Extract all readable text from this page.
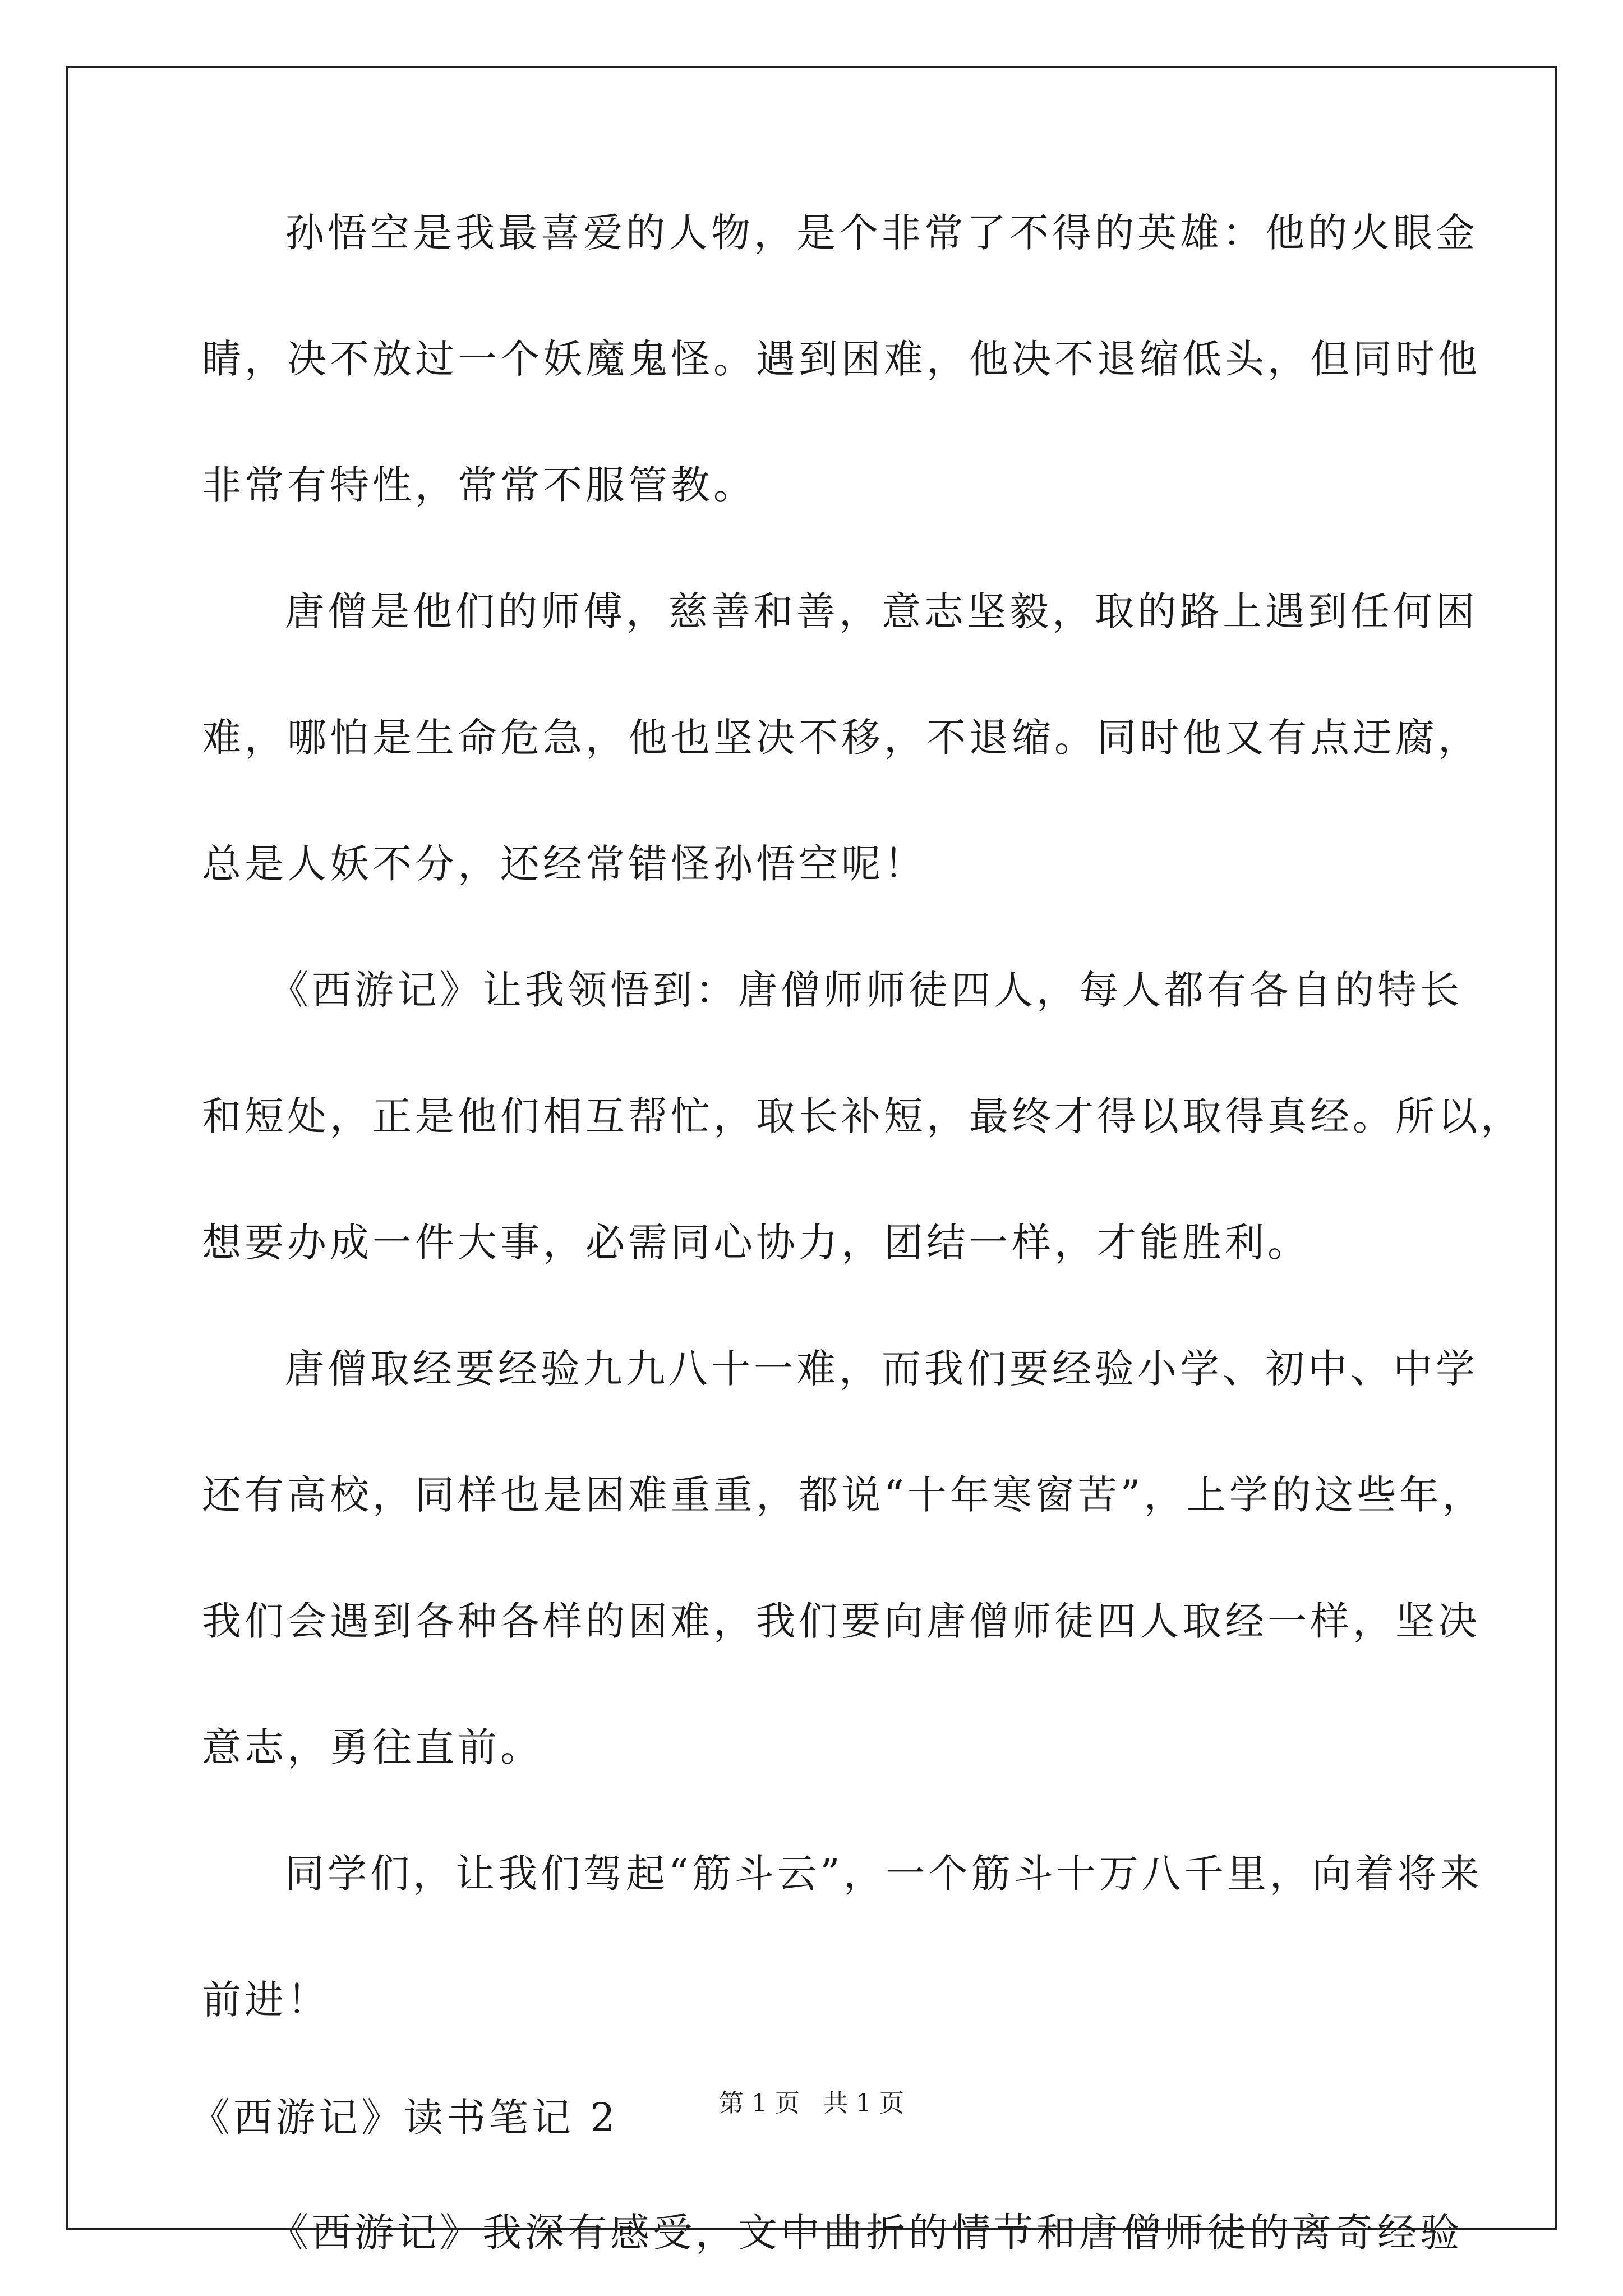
孙悟空是我最喜爱的人物，是个非常了不得的英雄：他的火眼金

睛，决不放过一个妖魔鬼怪。遇到困难，他决不退缩低头，但同时他

非常有特性，常常不服管教。

唐僧是他们的师傅，慈善和善，意志坚毅，取的路上遇到任何困

难，哪怕是生命危急，他也坚决不移，不退缩。同时他又有点迂腐，

总是人妖不分，还经常错怪孙悟空呢！

《西游记》让我领悟到：唐僧师师徒四人，每人都有各自的特长

和短处，正是他们相互帮忙，取长补短，最终才得以取得真经。所以，

想要办成一件大事，必需同心协力，团结一样，才能胜利。

唐僧取经要经验九九八十一难，而我们要经验小学、初中、中学

还有高校，同样也是困难重重，都说“十年寒窗苦”，上学的这些年，

我们会遇到各种各样的困难，我们要向唐僧师徒四人取经一样，坚决

意志，勇往直前。

同学们，让我们驾起“筋斗云”，一个筋斗十万八千里，向着将来

前进！

《西游记》读书笔记 2

《西游记》我深有感受，文中曲折的情节和唐僧师徒的离奇经验

第 1 页   共 1 页
